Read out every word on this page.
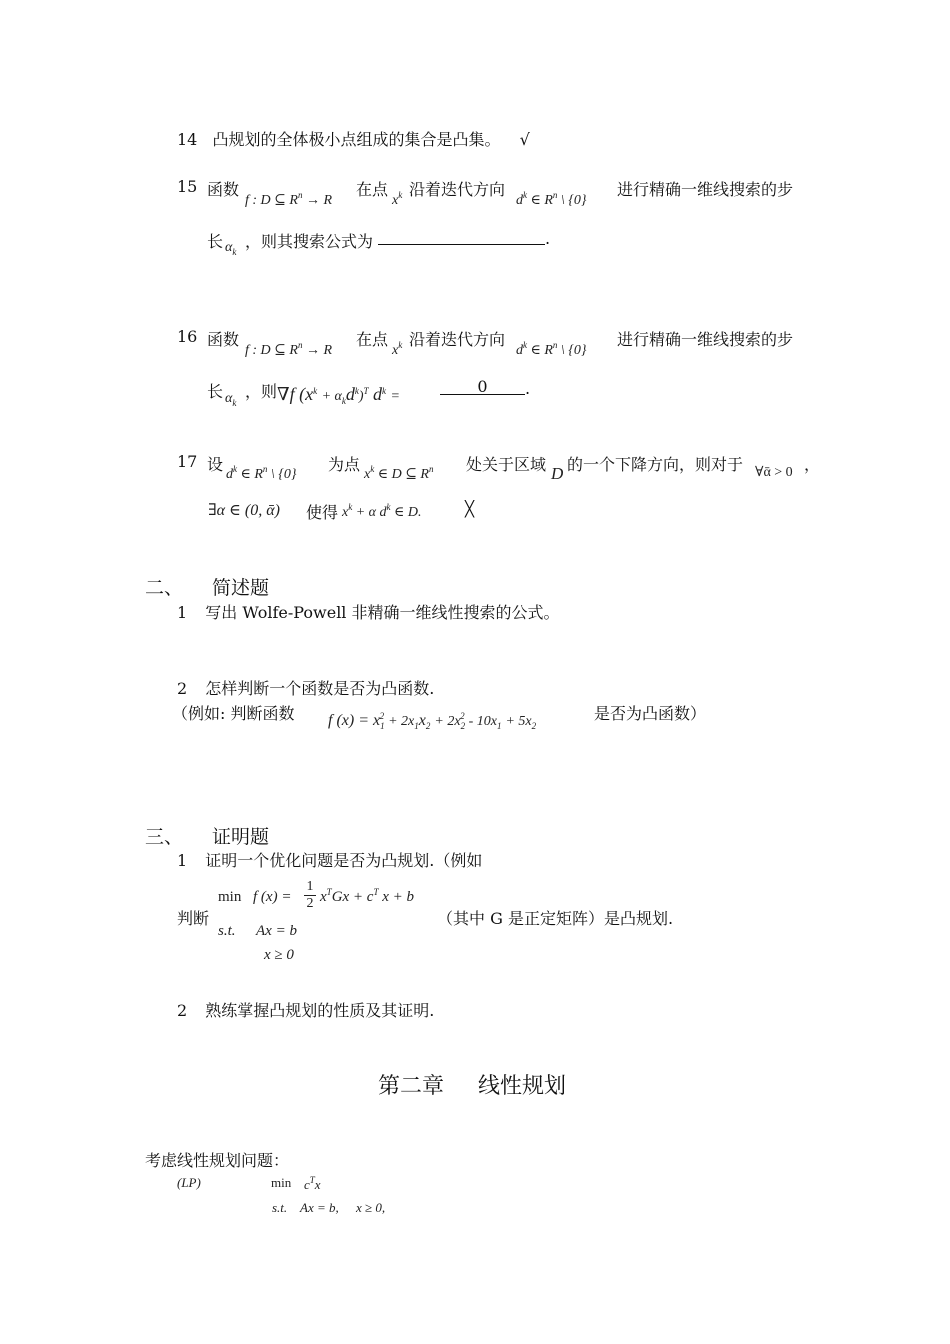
14 凸规划的全体极小点组成的集合是凸集。 √
15 函数
f : D ⊆ $R^n \to R$
在点
$x^k$ 沿着迭代方向
$d^k$ ∈ $R^n$ \ {0}
进行精确一维线搜索的步
长 $\alpha_k$
，则其搜索公式为	.
16 函数
f : D ⊆ $R^n \to R$
在点
$x^k$ 沿着迭代方向
$d^k$ ∈ $R^n$ \ {0}
进行精确一维线搜索的步
长 $\alpha_k$
，则 ∇f $(x^k + \alpha_kd^k)^T$ $d^k$ =
0	.
17 设
$d^k$ ∈ $R^n$ \ {0}
为点
$x^k$ ∈ D ⊆ $R^n$ 处关于区域 D 的一个下降方向，则对于 ∀ᾱ > 0 ，
∃α ∈ (0, ᾱ) 使得 $x^k + \alpha$ $d^k$ ∈ D.	╳
二、 简述题
1 写出 Wolfe-Powell 非精确一维线性搜索的公式。
2 怎样判断一个函数是否为凸函数.
（例如: 判断函数 f $(x) = x_1^2 + 2x_1x_2 + 2x_2^2 - 10x_1 + 5x_2$
是否为凸函数）
三、 证明题
1 证明一个优化问题是否为凸规划.（例如
判断
min f (x) =
1
2 $x^TGx + c^T$ x + b
s.t. Ax = b
x ≥ 0
（其中 G 是正定矩阵）是凸规划.
2 熟练掌握凸规划的性质及其证明.
第二章 线性规划
考虑线性规划问题：
(LP)	$\min c^Tx$
s.t. Ax = b, x ≥ 0,
